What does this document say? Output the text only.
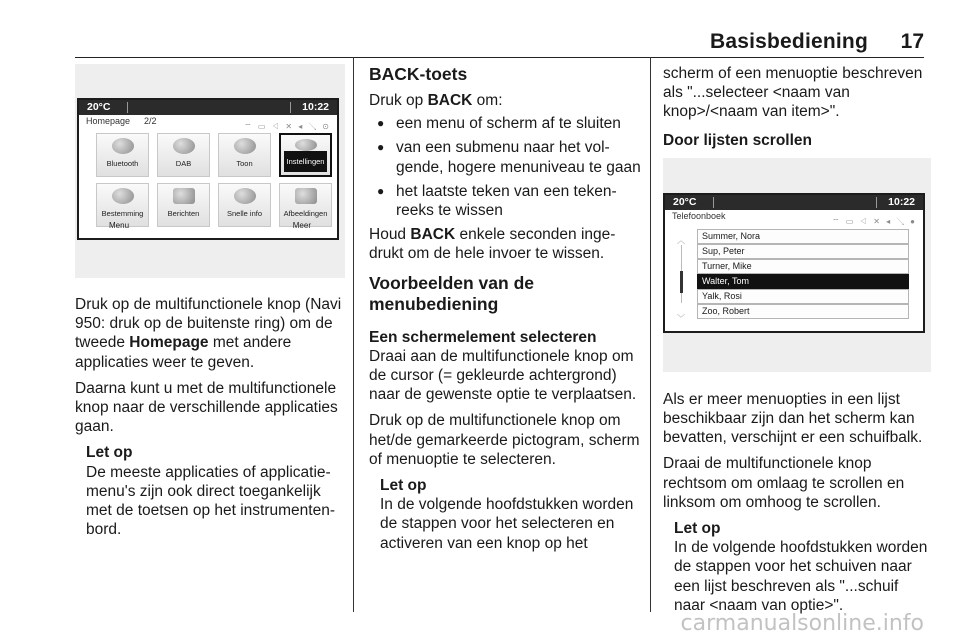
Basisbediening 17
20°C	10:22
Homepage 2/2
⌔ ▭ ◁ ✕ ◂ ↘ ⊙
Bluetooth	DAB	Toon	Instellingen
Bestemming	Berichten	Snelle info	Afbeeldingen
Menu	Meer

Druk op de multifunctionele knop (Navi 950: druk op de buitenste ring) om de tweede Homepage met andere applicaties weer te geven.

Daarna kunt u met de multifunctionele knop naar de verschillende applicaties gaan.

Let op
De meeste applicaties of applicatiemenu's zijn ook direct toegankelijk met de toetsen op het instrumentenbord.
BACK-toets

Druk op BACK om:

● een menu of scherm af te sluiten
● van een submenu naar het volgende, hogere menuniveau te gaan
● het laatste teken van een tekenreeks te wissen

Houd BACK enkele seconden ingedrukt om de hele invoer te wissen.

Voorbeelden van de menubediening
Een schermelement selecteren

Draai aan de multifunctionele knop om de cursor (= gekleurde achtergrond) naar de gewenste optie te verplaatsen.

Druk op de multifunctionele knop om het/de gemarkeerde pictogram, scherm of menuoptie te selecteren.

Let op
In de volgende hoofdstukken worden de stappen voor het selecteren en activeren van een knop op het

scherm of een menuoptie beschreven als "...selecteer <naam van knop>/<naam van item>".

Door lijsten scrollen
20°C	10:22
Telefoonboek
⌔ ▭ ◁ ✕ ◂ ↘ ●
︿
﹀
Summer, Nora
Sup, Peter
Turner, Mike
Walter, Tom
Yalk, Rosi
Zoo, Robert

Als er meer menuopties in een lijst beschikbaar zijn dan het scherm kan bevatten, verschijnt er een schuifbalk.

Draai de multifunctionele knop rechtsom om omlaag te scrollen en linksom om omhoog te scrollen.

Let op
In de volgende hoofdstukken worden de stappen voor het schuiven naar een lijst beschreven als "...schuif naar <naam van optie>".
carmanualsonline.info
